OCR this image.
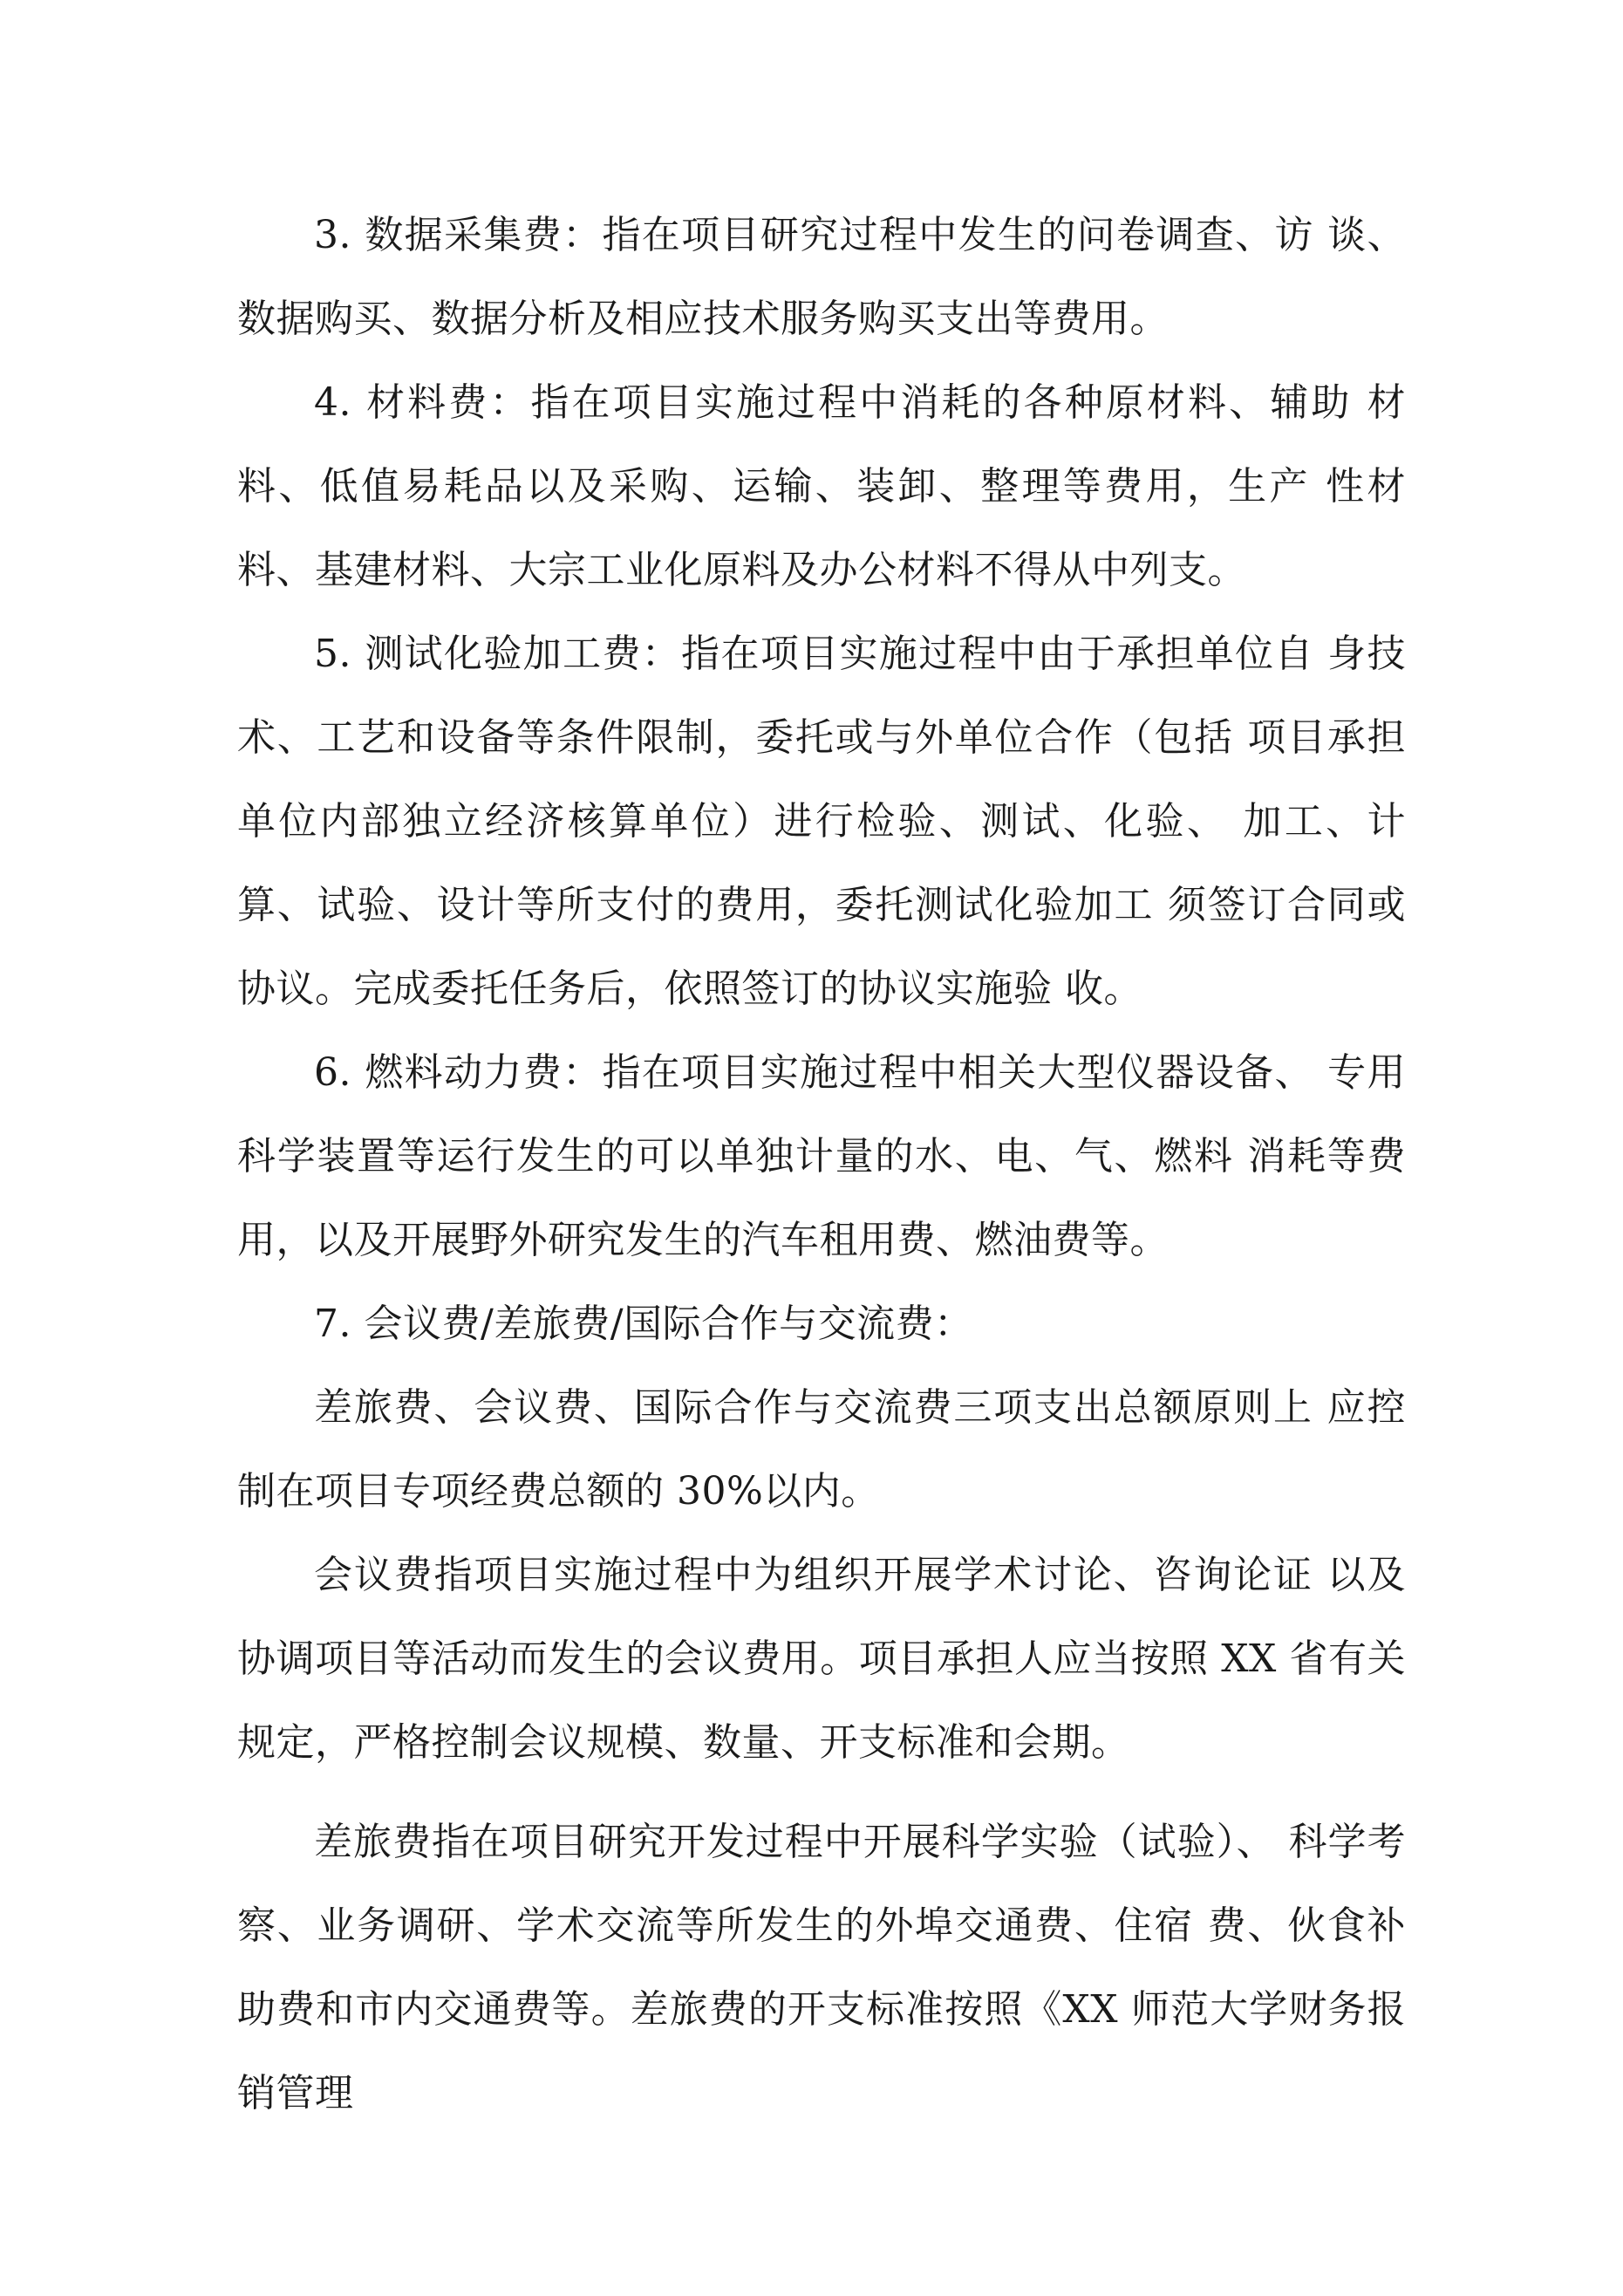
3. 数据采集费：指在项目研究过程中发生的问卷调查、访 谈、数据购买、数据分析及相应技术服务购买支出等费用。

4. 材料费：指在项目实施过程中消耗的各种原材料、辅助 材料、低值易耗品以及采购、运输、装卸、整理等费用，生产 性材料、基建材料、大宗工业化原料及办公材料不得从中列支。

5. 测试化验加工费：指在项目实施过程中由于承担单位自 身技术、工艺和设备等条件限制，委托或与外单位合作（包括 项目承担单位内部独立经济核算单位）进行检验、测试、化验、 加工、计算、试验、设计等所支付的费用，委托测试化验加工 须签订合同或协议。完成委托任务后，依照签订的协议实施验 收。

6. 燃料动力费：指在项目实施过程中相关大型仪器设备、 专用科学装置等运行发生的可以单独计量的水、电、气、燃料 消耗等费用，以及开展野外研究发生的汽车租用费、燃油费等。

7. 会议费/差旅费/国际合作与交流费：

差旅费、会议费、国际合作与交流费三项支出总额原则上 应控制在项目专项经费总额的 30%以内。

会议费指项目实施过程中为组织开展学术讨论、咨询论证 以及协调项目等活动而发生的会议费用。项目承担人应当按照 XX 省有关规定，严格控制会议规模、数量、开支标准和会期。

差旅费指在项目研究开发过程中开展科学实验（试验）、 科学考察、业务调研、学术交流等所发生的外埠交通费、住宿 费、伙食补助费和市内交通费等。差旅费的开支标准按照《XX 师范大学财务报销管理
